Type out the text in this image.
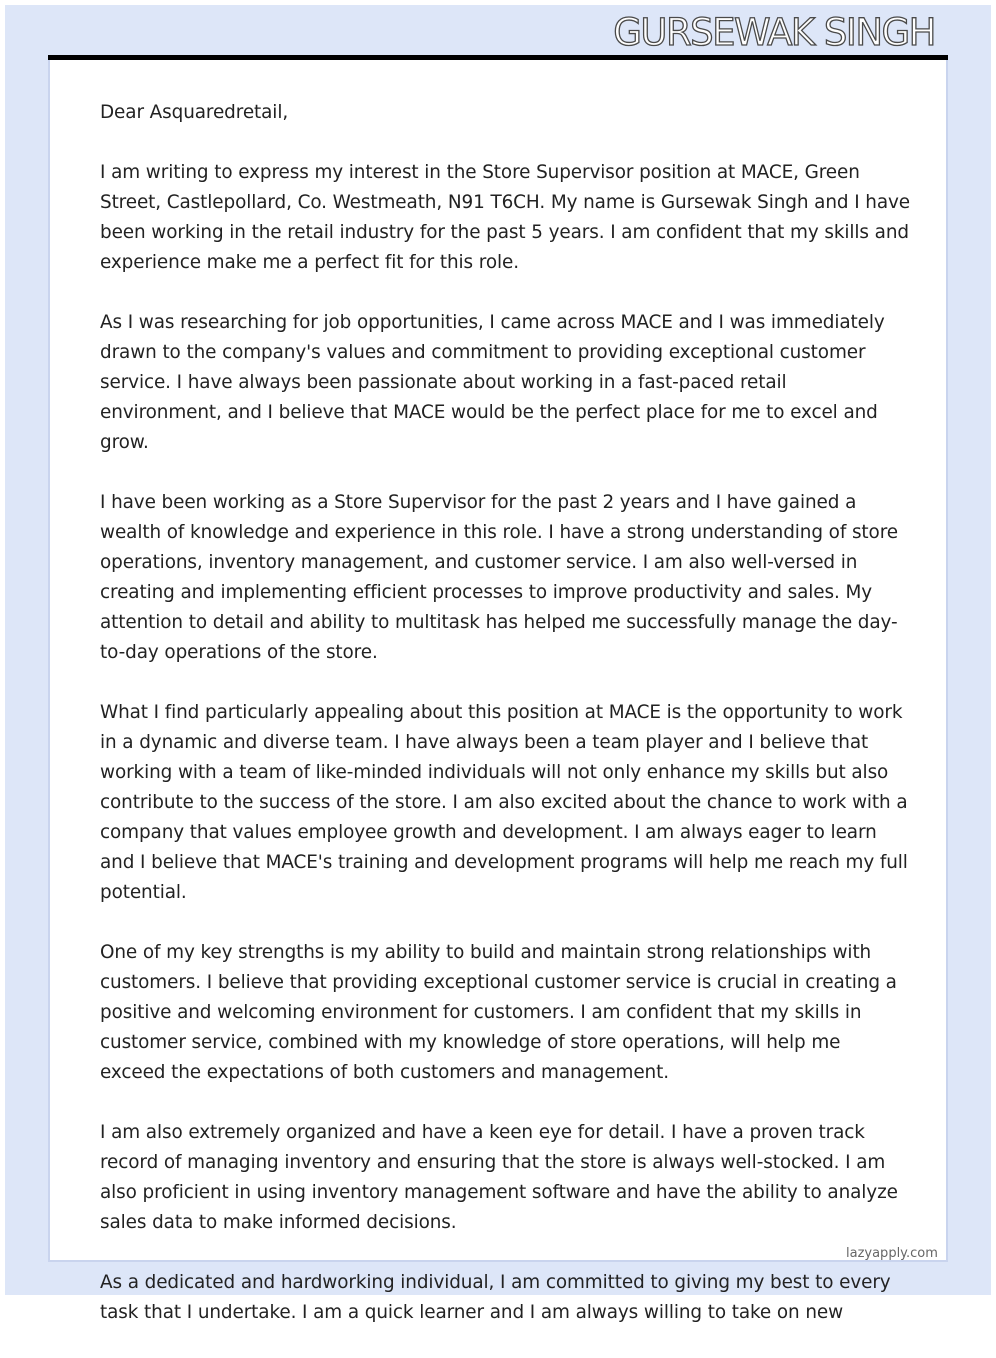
GURSEWAK SINGH

Dear Asquaredretail,

I am writing to express my interest in the Store Supervisor position at MACE, Green Street, Castlepollard, Co. Westmeath, N91 T6CH. My name is Gursewak Singh and I have been working in the retail industry for the past 5 years. I am confident that my skills and experience make me a perfect fit for this role.

As I was researching for job opportunities, I came across MACE and I was immediately drawn to the company's values and commitment to providing exceptional customer service. I have always been passionate about working in a fast-paced retail environment, and I believe that MACE would be the perfect place for me to excel and grow.

I have been working as a Store Supervisor for the past 2 years and I have gained a wealth of knowledge and experience in this role. I have a strong understanding of store operations, inventory management, and customer service. I am also well-versed in creating and implementing efficient processes to improve productivity and sales. My attention to detail and ability to multitask has helped me successfully manage the day-to-day operations of the store.

What I find particularly appealing about this position at MACE is the opportunity to work in a dynamic and diverse team. I have always been a team player and I believe that working with a team of like-minded individuals will not only enhance my skills but also contribute to the success of the store. I am also excited about the chance to work with a company that values employee growth and development. I am always eager to learn and I believe that MACE's training and development programs will help me reach my full potential.

One of my key strengths is my ability to build and maintain strong relationships with customers. I believe that providing exceptional customer service is crucial in creating a positive and welcoming environment for customers. I am confident that my skills in customer service, combined with my knowledge of store operations, will help me exceed the expectations of both customers and management.

I am also extremely organized and have a keen eye for detail. I have a proven track record of managing inventory and ensuring that the store is always well-stocked. I am also proficient in using inventory management software and have the ability to analyze sales data to make informed decisions.

As a dedicated and hardworking individual, I am committed to giving my best to every task that I undertake. I am a quick learner and I am always willing to take on new

lazyapply.com
